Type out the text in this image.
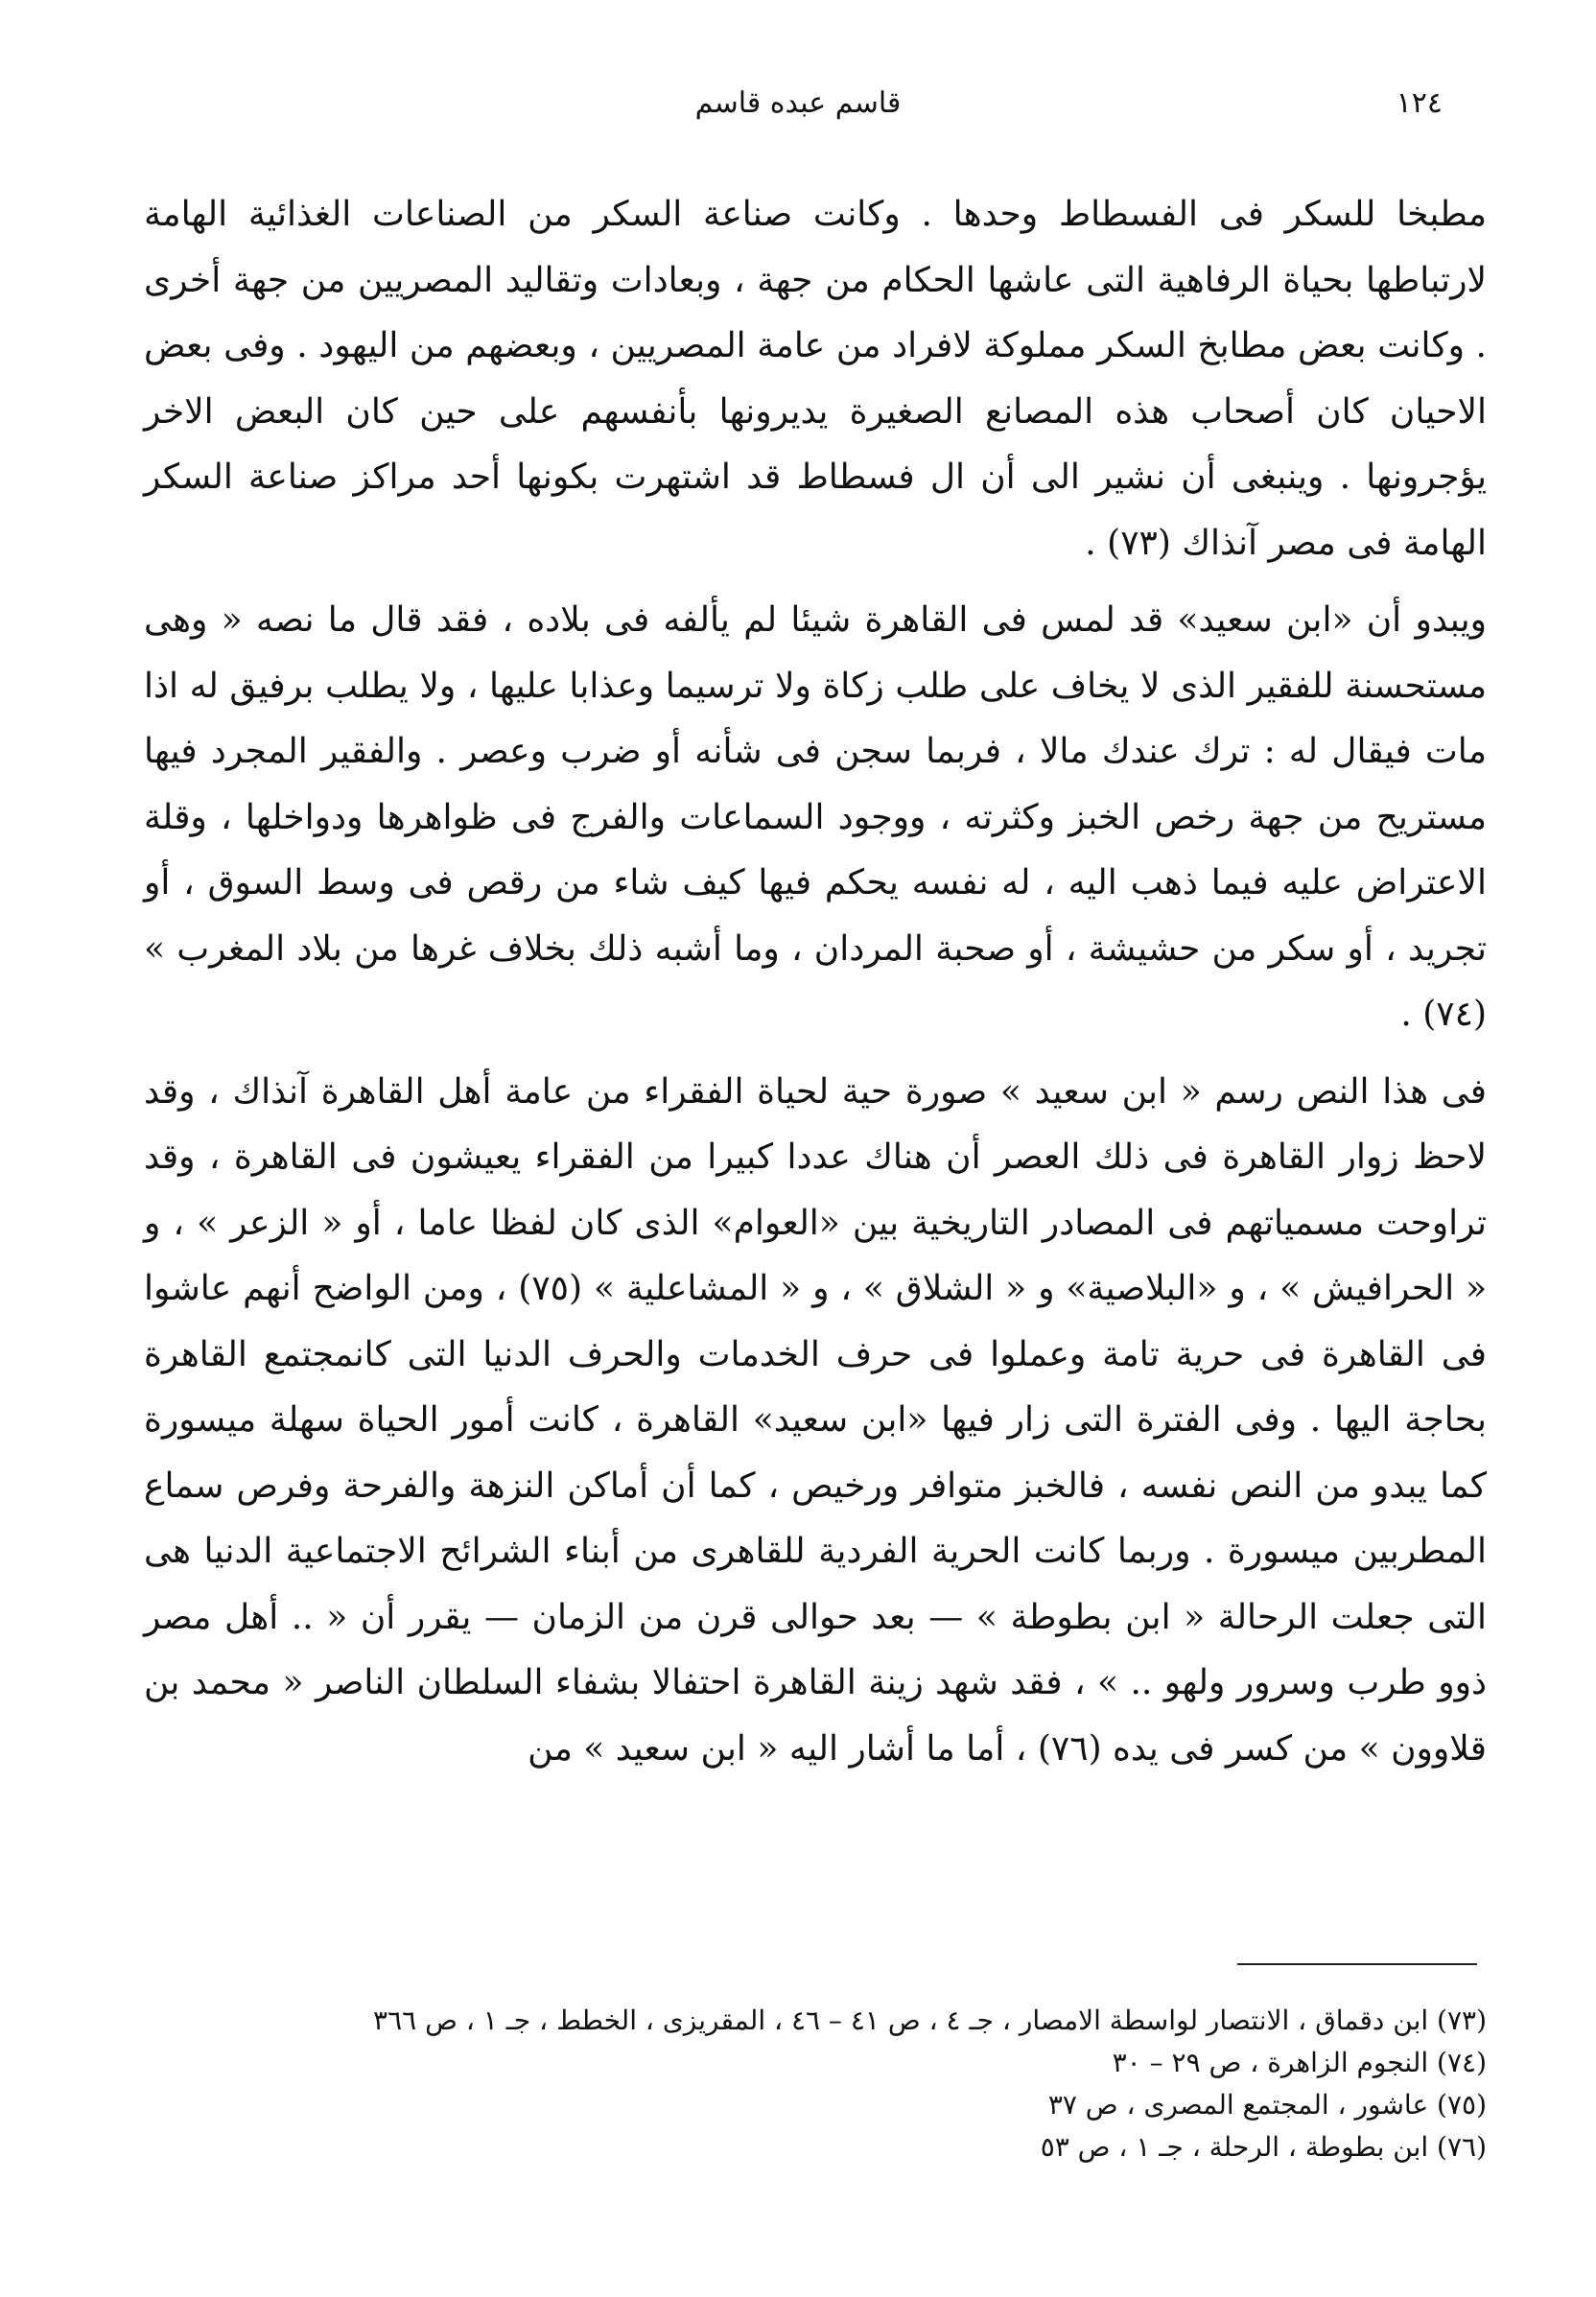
١٢٤
قاسم عبده قاسم

مطبخا للسكر فى الفسطاط وحدها . وكانت صناعة السكر من الصناعات الغذائية الهامة لارتباطها بحياة الرفاهية التى عاشها الحكام من جهة ، وبعادات وتقاليد المصريين من جهة أخرى . وكانت بعض مطابخ السكر مملوكة لافراد من عامة المصريين ، وبعضهم من اليهود . وفى بعض الاحيان كان أصحاب هذه المصانع الصغيرة يديرونها بأنفسهم على حين كان البعض الاخر يؤجرونها . وينبغى أن نشير الى أن ال فسطاط قد اشتهرت بكونها أحد مراكز صناعة السكر الهامة فى مصر آنذاك (٧٣) .

ويبدو أن «ابن سعيد» قد لمس فى القاهرة شيئا لم يألفه فى بلاده ، فقد قال ما نصه « وهى مستحسنة للفقير الذى لا يخاف على طلب زكاة ولا ترسيما وعذابا عليها ، ولا يطلب برفيق له اذا مات فيقال له : ترك عندك مالا ، فربما سجن فى شأنه أو ضرب وعصر . والفقير المجرد فيها مستريح من جهة رخص الخبز وكثرته ، ووجود السماعات والفرج فى ظواهرها ودواخلها ، وقلة الاعتراض عليه فيما ذهب اليه ، له نفسه يحكم فيها كيف شاء من رقص فى وسط السوق ، أو تجريد ، أو سكر من حشيشة ، أو صحبة المردان ، وما أشبه ذلك بخلاف غرها من بلاد المغرب » (٧٤) .

فى هذا النص رسم « ابن سعيد » صورة حية لحياة الفقراء من عامة أهل القاهرة آنذاك ، وقد لاحظ زوار القاهرة فى ذلك العصر أن هناك عددا كبيرا من الفقراء يعيشون فى القاهرة ، وقد تراوحت مسمياتهم فى المصادر التاريخية بين «العوام» الذى كان لفظا عاما ، أو « الزعر » ، و « الحرافيش » ، و «البلاصية» و « الشلاق » ، و « المشاعلية » (٧٥) ، ومن الواضح أنهم عاشوا فى القاهرة فى حرية تامة وعملوا فى حرف الخدمات والحرف الدنيا التى كانمجتمع القاهرة بحاجة اليها . وفى الفترة التى زار فيها «ابن سعيد» القاهرة ، كانت أمور الحياة سهلة ميسورة كما يبدو من النص نفسه ، فالخبز متوافر ورخيص ، كما أن أماكن النزهة والفرحة وفرص سماع المطربين ميسورة . وربما كانت الحرية الفردية للقاهرى من أبناء الشرائح الاجتماعية الدنيا هى التى جعلت الرحالة « ابن بطوطة » — بعد حوالى قرن من الزمان — يقرر أن « .. أهل مصر ذوو طرب وسرور ولهو .. » ، فقد شهد زينة القاهرة احتفالا بشفاء السلطان الناصر « محمد بن قلاوون » من كسر فى يده (٧٦) ، أما ما أشار اليه « ابن سعيد » من

(٧٣) ابن دقماق ، الانتصار لواسطة الامصار ، جـ ٤ ، ص ٤١ – ٤٦ ، المقريزى ، الخطط ، جـ ١ ، ص ٣٦٦
(٧٤) النجوم الزاهرة ، ص ٢٩ – ٣٠
(٧٥) عاشور ، المجتمع المصرى ، ص ٣٧
(٧٦) ابن بطوطة ، الرحلة ، جـ ١ ، ص ٥٣
